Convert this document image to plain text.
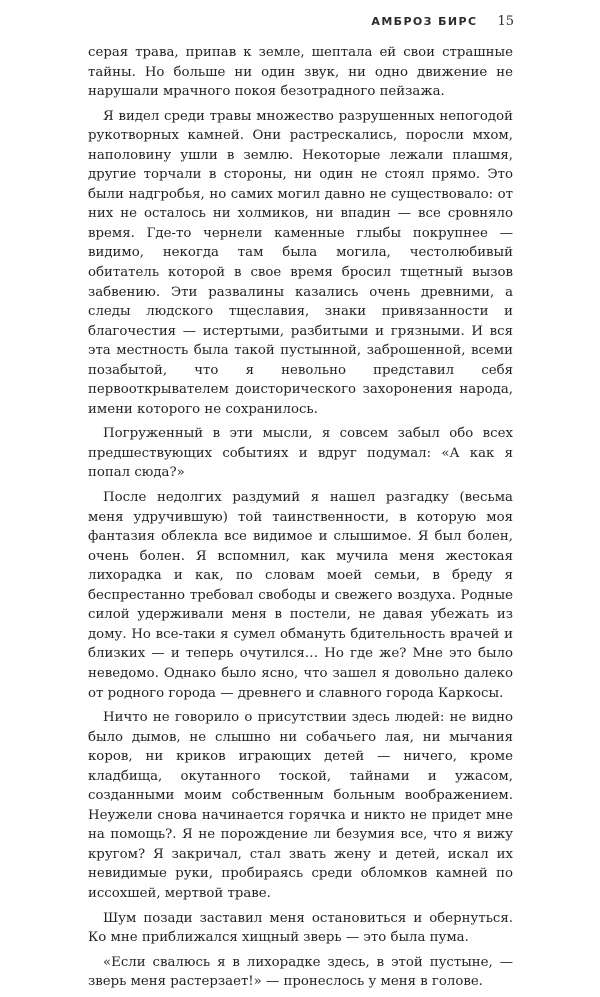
АМБРОЗ БИРС 15

серая трава, припав к земле, шептала ей свои страшные тайны. Но больше ни один звук, ни одно движение не нарушали мрачного покоя безотрадного пейзажа.

Я видел среди травы множество разрушенных непогодой рукотворных камней. Они растрескались, поросли мхом, наполовину ушли в землю. Некоторые лежали плашмя, другие торчали в стороны, ни один не стоял прямо. Это были надгробья, но самих могил давно не существовало: от них не осталось ни холмиков, ни впадин — все сровнялo время. Где-то чернели каменные глыбы покрупнее — видимо, некогда там была могила, честолюбивый обитатель которой в свое время бросил тщетный вызов забвению. Эти развалины казались очень древними, а следы людского тщеславия, знаки привязанности и благочестия — истертыми, разбитыми и грязными. И вся эта местность была такой пустынной, заброшенной, всеми позабытой, что я невольно представил себя первооткрывателем доисторического захоронения народа, имени которого не сохранилось.

Погруженный в эти мысли, я совсем забыл обо всех предшествующих событиях и вдруг подумал: «А как я попал сюда?»

После недолгих раздумий я нашел разгадку (весьма меня удручившую) той таинственности, в которую моя фантазия облекла все видимое и слышимое. Я был болен, очень болен. Я вспомнил, как мучила меня жестокая лихорадка и как, по словам моей семьи, в бреду я беспрестанно требовал свободы и свежего воздуха. Родные силой удерживали меня в постели, не давая убежать из дому. Но все-таки я сумел обмануть бдительность врачей и близких — и теперь очутился… Но где же? Мне это было неведомо. Однако было ясно, что зашел я довольно далеко от родного города — древнего и славного города Каркосы.

Ничто не говорило о присутствии здесь людей: не видно было дымов, не слышно ни собачьего лая, ни мычания коров, ни криков играющих детей — ничего, кроме кладбища, окутанного тоской, тайнами и ужасом, созданными моим собственным больным воображением. Неужели снова начинается горячка и никто не придет мне на помощь?. Я не порождение ли безумия все, что я вижу кругом? Я закричал, стал звать жену и детей, искал их невидимые руки, пробираясь среди обломков камней по иссохшей, мертвой траве.

Шум позади заставил меня остановиться и обернуться. Ко мне приближался хищный зверь — это была пума.

«Если свалюсь я в лихорадке здесь, в этой пустыне, — зверь меня растерзает!» — пронеслось у меня в голове.
